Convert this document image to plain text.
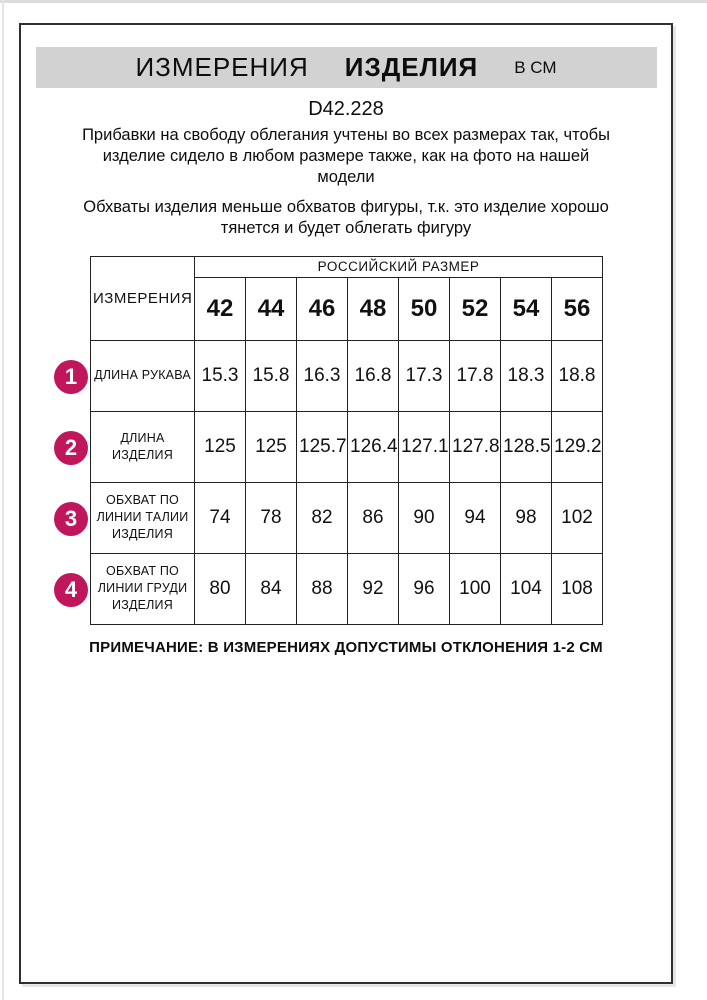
ИЗМЕРЕНИЯ ИЗДЕЛИЯ В СМ
D42.228

Прибавки на свободу облегания учтены во всех размерах так, чтобы изделие сидело в любом размере также, как на фото на нашей модели

Обхваты изделия меньше обхватов фигуры, т.к. это изделие хорошо тянется и будет облегать фигуру

1
2
3
4
ИЗМЕРЕНИЯ	РОССИЙСКИЙ РАЗМЕР							
	42	44	46	48	50	52	54	56
ДЛИНА РУКАВА	15.3	15.8	16.3	16.8	17.3	17.8	18.3	18.8
ДЛИНА ИЗДЕЛИЯ	125	125	125.7	126.4	127.1	127.8	128.5	129.2
ОБХВАТ ПО ЛИНИИ ТАЛИИ ИЗДЕЛИЯ	74	78	82	86	90	94	98	102
ОБХВАТ ПО ЛИНИИ ГРУДИ ИЗДЕЛИЯ	80	84	88	92	96	100	104	108
ПРИМЕЧАНИЕ: В ИЗМЕРЕНИЯХ ДОПУСТИМЫ ОТКЛОНЕНИЯ 1-2 СМ
